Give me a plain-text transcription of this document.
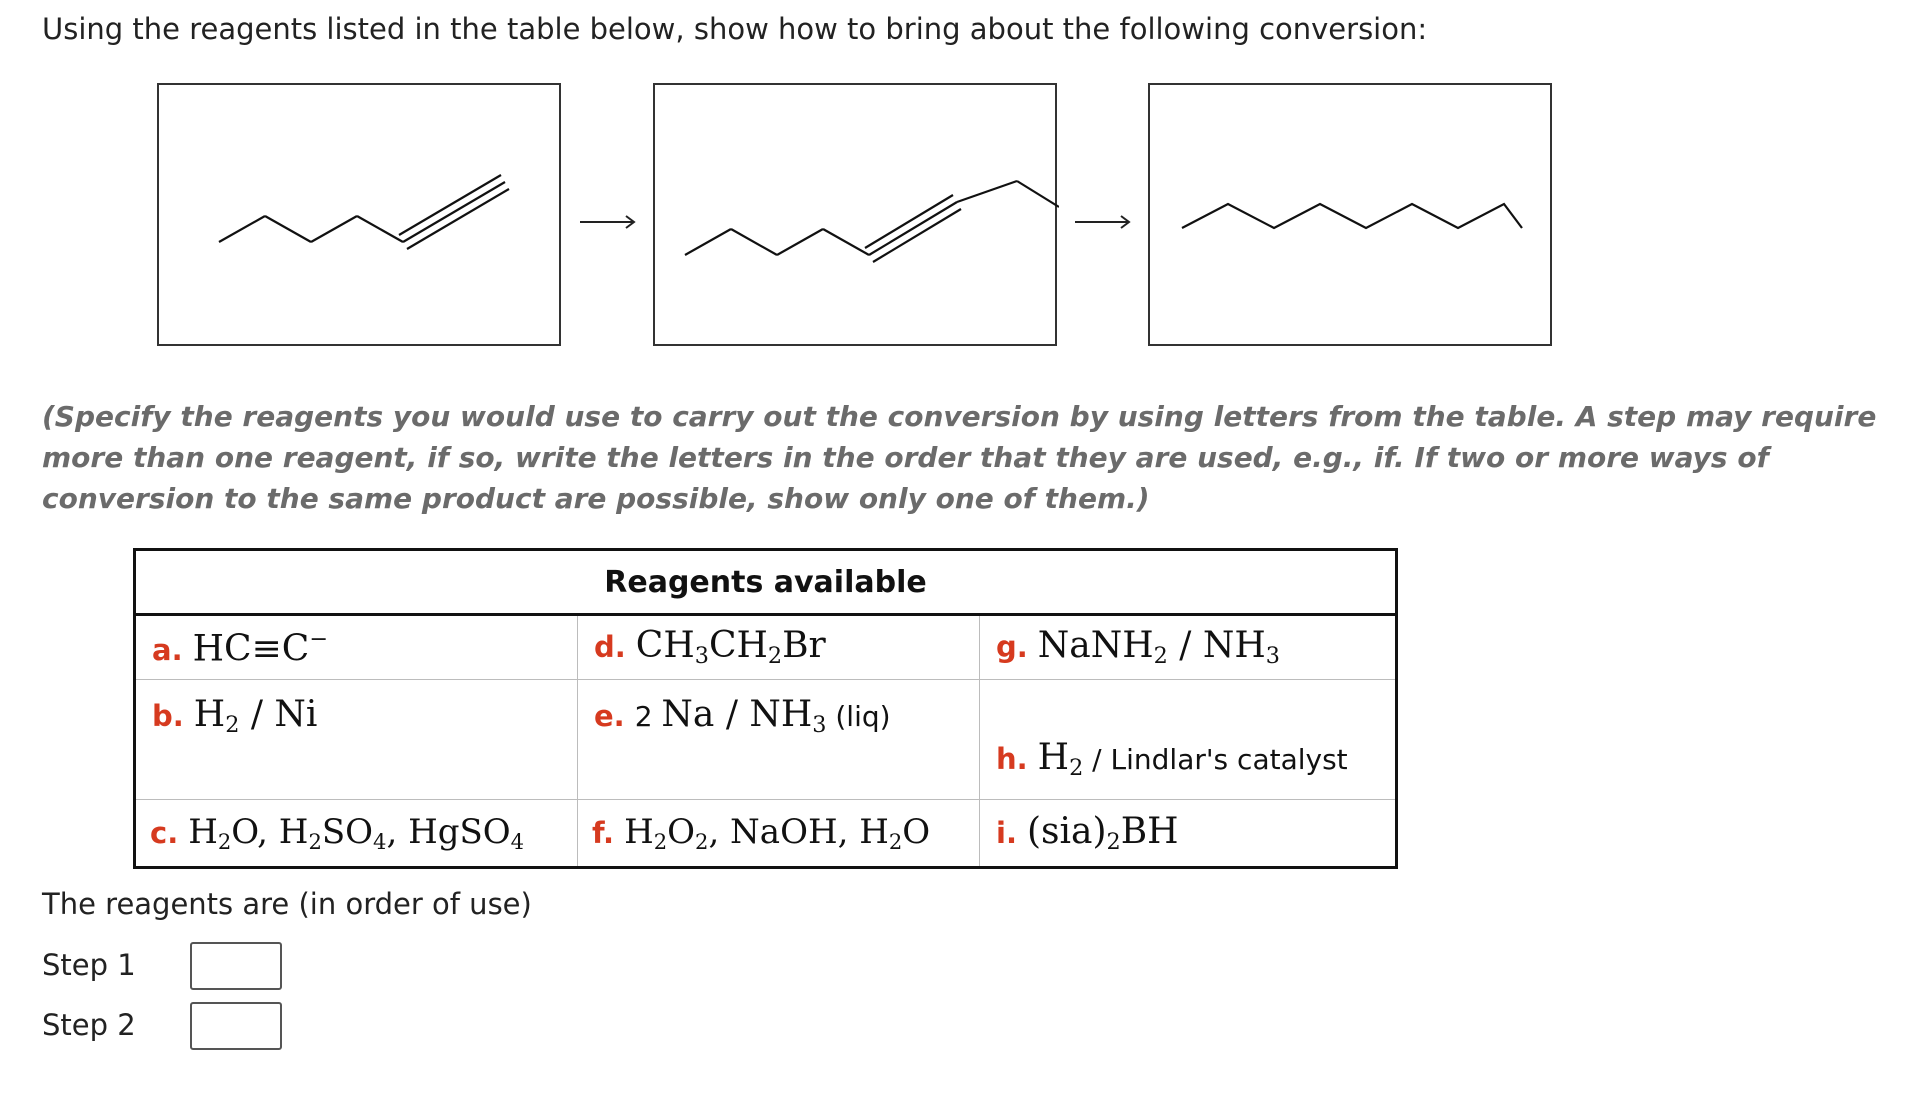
Using the reagents listed in the table below, show how to bring about the following conversion:

(Specify the reagents you would use to carry out the conversion by using letters from the table. A step may require more than one reagent, if so, write the letters in the order that they are used, e.g., if. If two or more ways of conversion to the same product are possible, show only one of them.)

Reagents available		
a. HC≡C−	d. $CH_3CH_2Br$	g. NaNH$_2$ / $NH_3$
b. $H_2$ / Ni	e. 2 Na / $NH_3$ (liq)	h. $H_2$ / Lindlar's catalyst
c. $H_2O$, $H_2SO_4$, HgSO$_4$	f. $H_2O_2$, NaOH, $H_2O$	i. $(sia)_2BH$
The reagents are (in order of use)
Step 1
Step 2
